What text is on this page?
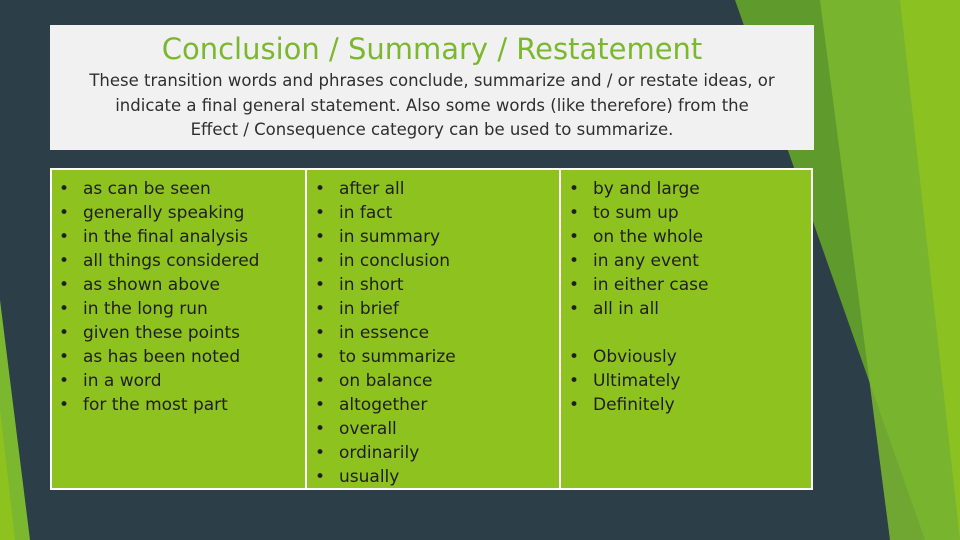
Conclusion / Summary / Restatement
These transition words and phrases conclude, summarize and / or restate ideas, or
indicate a final general statement. Also some words (like therefore) from the
Effect / Consequence category can be used to summarize.
• as can be seen
• generally speaking
• in the final analysis
• all things considered
• as shown above
• in the long run
• given these points
• as has been noted
• in a word
• for the most part
• after all
• in fact
• in summary
• in conclusion
• in short
• in brief
• in essence
• to summarize
• on balance
• altogether
• overall
• ordinarily
• usually
• by and large
• to sum up
• on the whole
• in any event
• in either case
• all in all
• Obviously
• Ultimately
• Definitely
